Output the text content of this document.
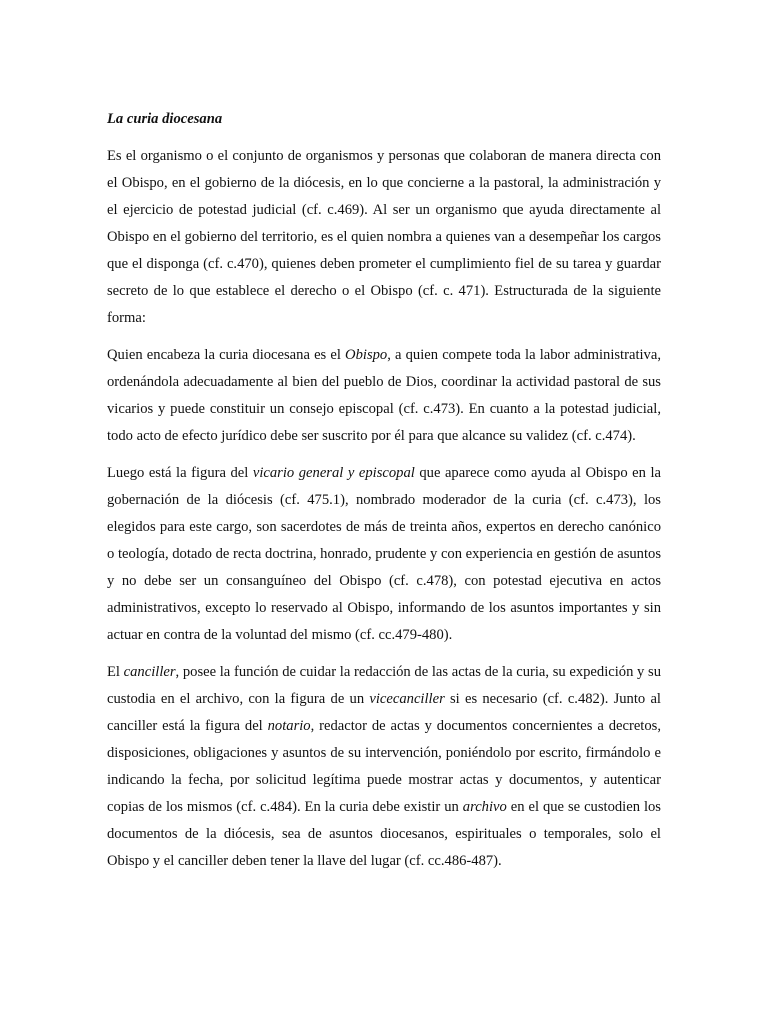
La curia diocesana

Es el organismo o el conjunto de organismos y personas que colaboran de manera directa con el Obispo, en el gobierno de la diócesis, en lo que concierne a la pastoral, la administración y el ejercicio de potestad judicial (cf. c.469). Al ser un organismo que ayuda directamente al Obispo en el gobierno del territorio, es el quien nombra a quienes van a desempeñar los cargos que el disponga (cf. c.470), quienes deben prometer el cumplimiento fiel de su tarea y guardar secreto de lo que establece el derecho o el Obispo (cf. c. 471). Estructurada de la siguiente forma:

Quien encabeza la curia diocesana es el Obispo, a quien compete toda la labor administrativa, ordenándola adecuadamente al bien del pueblo de Dios, coordinar la actividad pastoral de sus vicarios y puede constituir un consejo episcopal (cf. c.473). En cuanto a la potestad judicial, todo acto de efecto jurídico debe ser suscrito por él para que alcance su validez (cf. c.474).

Luego está la figura del vicario general y episcopal que aparece como ayuda al Obispo en la gobernación de la diócesis (cf. 475.1), nombrado moderador de la curia (cf. c.473), los elegidos para este cargo, son sacerdotes de más de treinta años, expertos en derecho canónico o teología, dotado de recta doctrina, honrado, prudente y con experiencia en gestión de asuntos y no debe ser un consanguíneo del Obispo (cf. c.478), con potestad ejecutiva en actos administrativos, excepto lo reservado al Obispo, informando de los asuntos importantes y sin actuar en contra de la voluntad del mismo (cf. cc.479-480).

El canciller, posee la función de cuidar la redacción de las actas de la curia, su expedición y su custodia en el archivo, con la figura de un vicecanciller si es necesario (cf. c.482). Junto al canciller está la figura del notario, redactor de actas y documentos concernientes a decretos, disposiciones, obligaciones y asuntos de su intervención, poniéndolo por escrito, firmándolo e indicando la fecha, por solicitud legítima puede mostrar actas y documentos, y autenticar copias de los mismos (cf. c.484). En la curia debe existir un archivo en el que se custodien los documentos de la diócesis, sea de asuntos diocesanos, espirituales o temporales, solo el Obispo y el canciller deben tener la llave del lugar (cf. cc.486-487).
